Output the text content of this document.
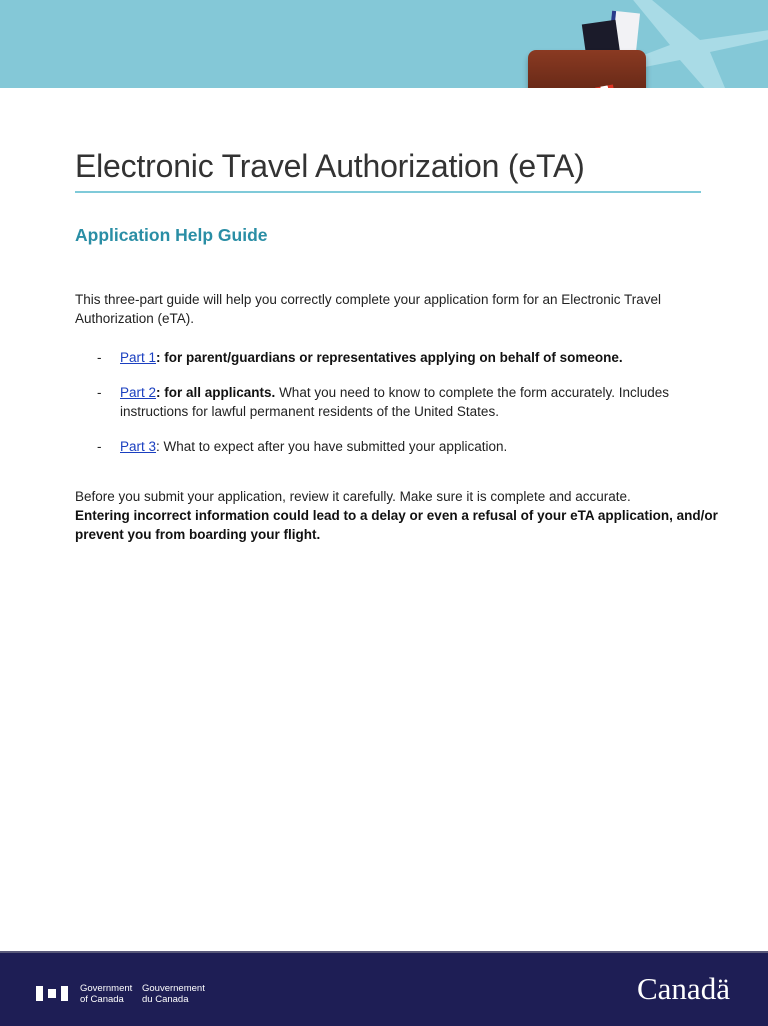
Electronic Travel Authorization (eTA)
Application Help Guide
This three-part guide will help you correctly complete your application form for an Electronic Travel Authorization (eTA).
- Part 1: for parent/guardians or representatives applying on behalf of someone.
- Part 2: for all applicants. What you need to know to complete the form accurately. Includes instructions for lawful permanent residents of the United States.
- Part 3: What to expect after you have submitted your application.
Before you submit your application, review it carefully. Make sure it is complete and accurate.
Entering incorrect information could lead to a delay or even a refusal of your eTA application, and/or prevent you from boarding your flight.
Government of Canada
Gouvernement du Canada	Canadä
